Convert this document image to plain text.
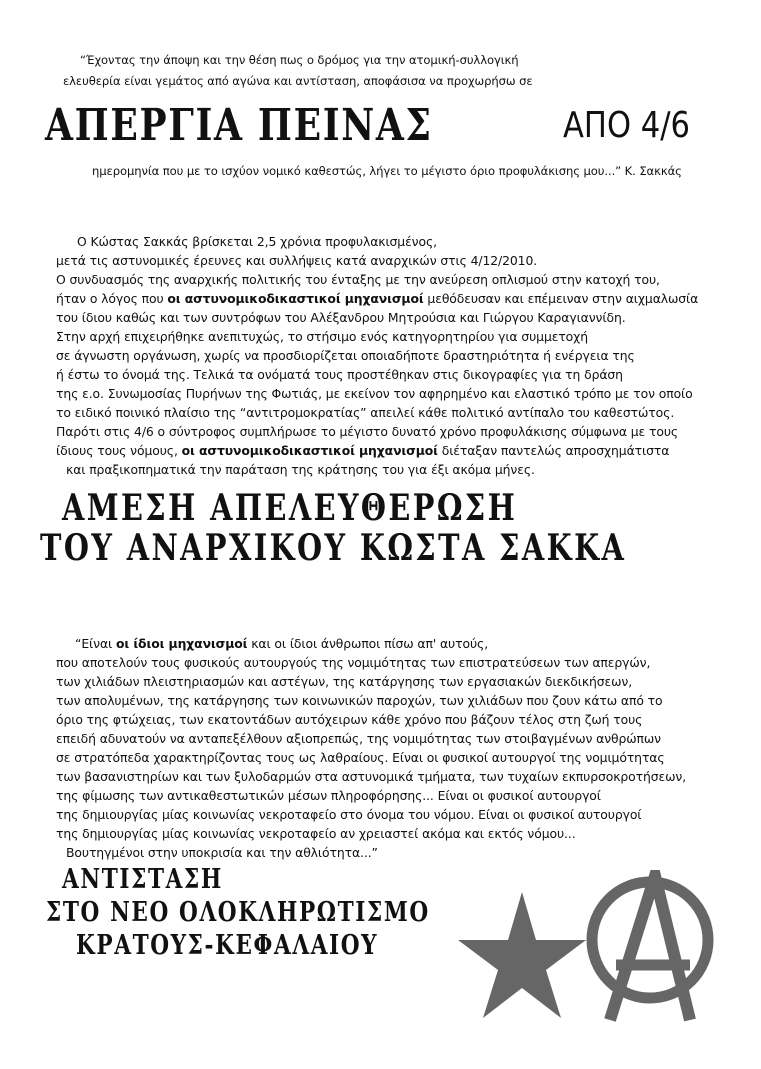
“Έχοντας την άποψη και την θέση πως ο δρόμος για την ατομική-συλλογική
ελευθερία είναι γεμάτος από αγώνα και αντίσταση, αποφάσισα να προχωρήσω σε
ΑΠΕΡΓΙΑ ΠΕΙΝΑΣ	ΑΠΟ 4/6
ημερομηνία που με το ισχύον νομικό καθεστώς, λήγει το μέγιστο όριο προφυλάκισης μου...” Κ. Σακκάς
Ο Κώστας Σακκάς βρίσκεται 2,5 χρόνια προφυλακισμένος,
μετά τις αστυνομικές έρευνες και συλλήψεις κατά αναρχικών στις 4/12/2010.
Ο συνδυασμός της αναρχικής πολιτικής του ένταξης με την ανεύρεση οπλισμού στην κατοχή του,
ήταν ο λόγος που οι αστυνομικοδικαστικοί μηχανισμοί μεθόδευσαν και επέμειναν στην αιχμαλωσία
του ίδιου καθώς και των συντρόφων του Αλέξανδρου Μητρούσια και Γιώργου Καραγιαννίδη.
Στην αρχή επιχειρήθηκε ανεπιτυχώς, το στήσιμο ενός κατηγορητηρίου για συμμετοχή
σε άγνωστη οργάνωση, χωρίς να προσδιορίζεται οποιαδήποτε δραστηριότητα ή ενέργεια της
ή έστω το όνομά της. Τελικά τα ονόματά τους προστέθηκαν στις δικογραφίες για τη δράση
της ε.ο. Συνωμοσίας Πυρήνων της Φωτιάς, με εκείνον τον αφηρημένο και ελαστικό τρόπο με τον οποίο
το ειδικό ποινικό πλαίσιο της “αντιτρομοκρατίας” απειλεί κάθε πολιτικό αντίπαλο του καθεστώτος.
Παρότι στις 4/6 ο σύντροφος συμπλήρωσε το μέγιστο δυνατό χρόνο προφυλάκισης σύμφωνα με τους
ίδιους τους νόμους, οι αστυνομικοδικαστικοί μηχανισμοί διέταξαν παντελώς απροσχημάτιστα
και πραξικοπηματικά την παράταση της κράτησης του για έξι ακόμα μήνες.
ΑΜΕΣΗ ΑΠΕΛΕΥΘΕΡΩΣΗ
ΤΟΥ ΑΝΑΡΧΙΚΟΥ ΚΩΣΤΑ ΣΑΚΚΑ
“Είναι οι ίδιοι μηχανισμοί και οι ίδιοι άνθρωποι πίσω απ' αυτούς,
που αποτελούν τους φυσικούς αυτουργούς της νομιμότητας των επιστρατεύσεων των απεργών,
των χιλιάδων πλειστηριασμών και αστέγων, της κατάργησης των εργασιακών διεκδικήσεων,
των απολυμένων, της κατάργησης των κοινωνικών παροχών, των χιλιάδων που ζουν κάτω από το
όριο της φτώχειας, των εκατοντάδων αυτόχειρων κάθε χρόνο που βάζουν τέλος στη ζωή τους
επειδή αδυνατούν να ανταπεξέλθουν αξιοπρεπώς, της νομιμότητας των στοιβαγμένων ανθρώπων
σε στρατόπεδα χαρακτηρίζοντας τους ως λαθραίους. Είναι οι φυσικοί αυτουργοί της νομιμότητας
των βασανιστηρίων και των ξυλοδαρμών στα αστυνομικά τμήματα, των τυχαίων εκπυρσοκροτήσεων,
της φίμωσης των αντικαθεστωτικών μέσων πληροφόρησης... Είναι οι φυσικοί αυτουργοί
της δημιουργίας μίας κοινωνίας νεκροταφείο στο όνομα του νόμου. Είναι οι φυσικοί αυτουργοί
της δημιουργίας μίας κοινωνίας νεκροταφείο αν χρειαστεί ακόμα και εκτός νόμου...
Βουτηγμένοι στην υποκρισία και την αθλιότητα...”
ΑΝΤΙΣΤΑΣΗ
ΣΤΟ ΝΕΟ ΟΛΟΚΛΗΡΩΤΙΣΜΟ
ΚΡΑΤΟΥΣ-ΚΕΦΑΛΑΙΟΥ
